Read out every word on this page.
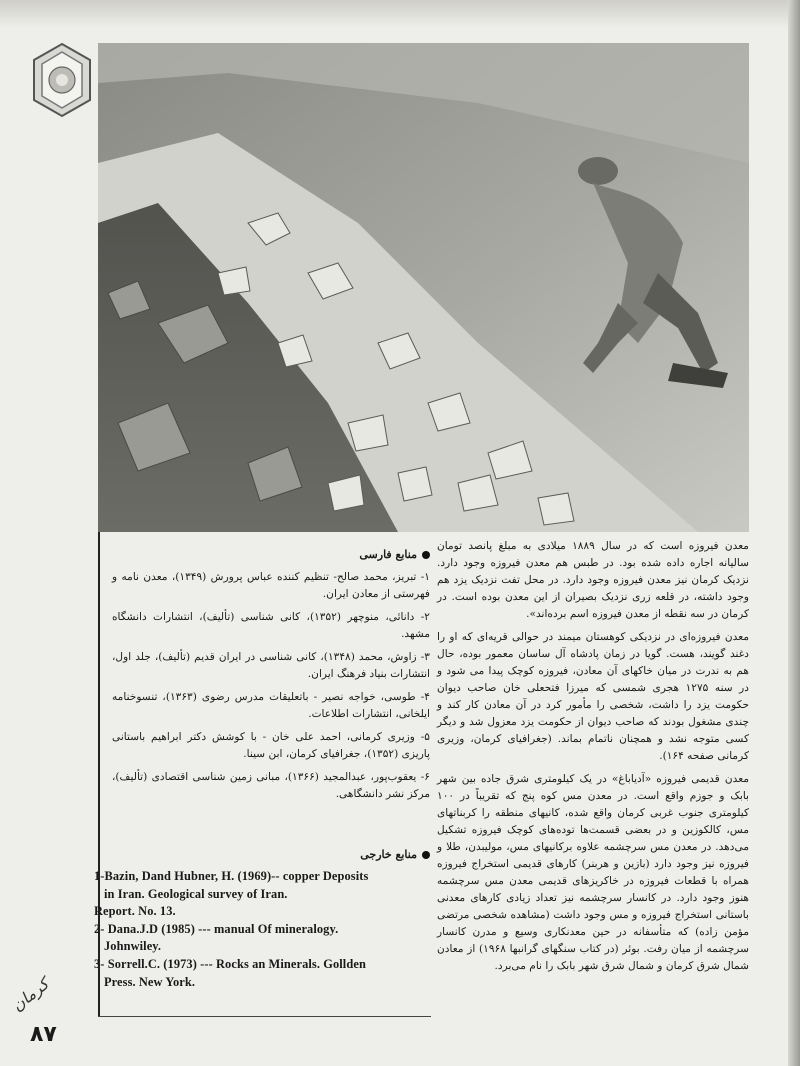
معدن فیروزه است که در سال ۱۸۸۹ میلادی به مبلغ پانصد تومان سالیانه اجاره داده شده بود. در طبس هم معدن فیروزه وجود دارد. نزدیک کرمان نیز معدن فیروزه وجود دارد. در محل تفت نزدیک یزد هم وجود داشته، در قلعه زری نزدیک بصیران از این معدن بوده است. در کرمان در سه نقطه از معدن فیروزه اسم برده‌اند».

معدن فیروزه‌ای در نزدیکی کوهستان میمند در حوالی قریه‌ای که او را دغند گویند، هست. گویا در زمان پادشاه آل ساسان معمور بوده، حال هم به ندرت در میان خاکهای آن معادن، فیروزه کوچک پیدا می شود و در سنه ۱۲۷۵ هجری شمسی که میرزا فتحعلی خان صاحب دیوان حکومت یزد را داشت، شخصی را مأمور کرد در آن معادن کار کند و چندی مشغول بودند که صاحب دیوان از حکومت یزد معزول شد و دیگر کسی متوجه نشد و همچنان ناتمام بماند. (جغرافیای کرمان، وزیری کرمانی صفحه ۱۶۴).

معدن قدیمی فیروزه «آدیاباغ» در یک کیلومتری شرق جاده بین شهر بابک و جوزم واقع است. در معدن مس کوه پنج که تقریباً در ۱۰۰ کیلومتری جنوب غربی کرمان واقع شده، کانیهای منطقه را کربناتهای مس، کالکوزین و در بعضی قسمت‌ها توده‌های کوچک فیروزه تشکیل می‌دهد. در معدن مس سرچشمه علاوه برکانیهای مس، مولیبدن، طلا و فیروزه نیز وجود دارد (بازین و هربنر) کارهای قدیمی استخراج فیروزه همراه با قطعات فیروزه در خاکریزهای قدیمی معدن مس سرچشمه هنوز وجود دارد. در کانسار سرچشمه نیز تعداد زیادی کارهای معدنی باستانی استخراج فیروزه و مس وجود داشت (مشاهده شخصی مرتضی مؤمن زاده) که متأسفانه در حین معدنکاری وسیع و مدرن کانسار سرچشمه از میان رفت. بوئر (در کتاب سنگهای گرانبها ۱۹۶۸) از معادن شمال شرق کرمان و شمال شرق شهر بابک را نام می‌برد.

منابع فارسی

۱- تبریز، محمد صالح- تنظیم کننده عباس پرورش (۱۳۴۹)، معدن نامه و فهرستی از معادن ایران.

۲- دانائی، منوچهر (۱۳۵۲)، کانی شناسی (تألیف)، انتشارات دانشگاه مشهد.

۳- زاوش، محمد (۱۳۴۸)، کانی شناسی در ایران قدیم (تألیف)، جلد اول، انتشارات بنیاد فرهنگ ایران.

۴- طوسی، خواجه نصیر - باتعلیقات مدرس رضوی (۱۳۶۳)، تنسوخنامه ایلخانی، انتشارات اطلاعات.

۵- وزیری کرمانی، احمد علی خان - با کوشش دکتر ابراهیم باستانی پاریزی (۱۳۵۲)، جغرافیای کرمان، ابن سینا.

۶- یعقوب‌پور، عبدالمجید (۱۳۶۶)، مبانی زمین شناسی اقتصادی (تألیف)، مرکز نشر دانشگاهی.

منابع خارجی
1-Bazin, Dand Hubner, H. (1969)-- copper Deposits
in Iran. Geological survey of Iran.
Report. No. 13.
2- Dana.J.D (1985) --- manual Of mineralogy.
Johnwiley.
3- Sorrell.C. (1973) --- Rocks an Minerals. Gollden
Press. New York.
کرمان
۸۷
